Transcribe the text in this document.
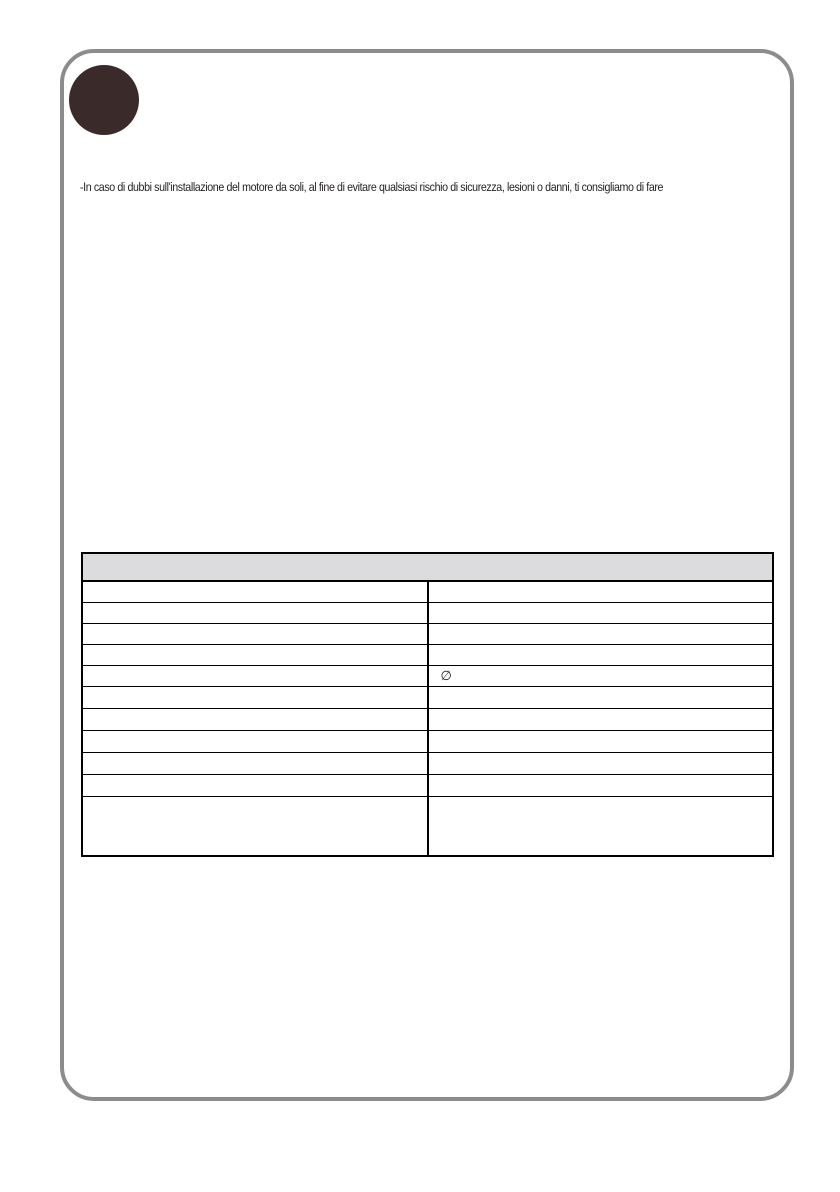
-In caso di dubbi sull'installazione del motore da soli, al fine di evitare qualsiasi rischio di sicurezza, lesioni o danni, ti consigliamo di fare

	∅
